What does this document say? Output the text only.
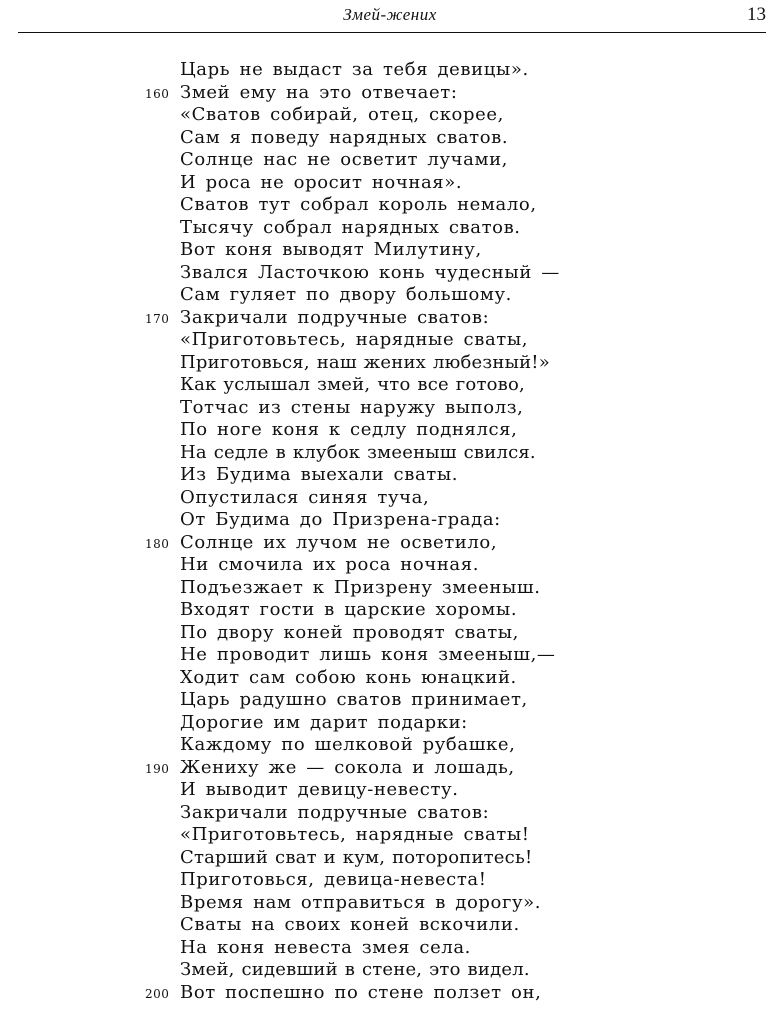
Змей-жених	13
Царь не выдаст за тебя девицы».
160 Змей ему на это отвечает:
«Сватов собирай, отец, скорее,
Сам я поведу нарядных сватов.
Солнце нас не осветит лучами,
И роса не оросит ночная».
Сватов тут собрал король немало,
Тысячу собрал нарядных сватов.
Вот коня выводят Милутину,
Звался Ласточкою конь чудесный —
Сам гуляет по двору большому.
170 Закричали подручные сватов:
«Приготовьтесь, нарядные сваты,
Приготовься, наш жених любезный!»
Как услышал змей, что все готово,
Тотчас из стены наружу выполз,
По ноге коня к седлу поднялся,
На седле в клубок змееныш свился.
Из Будима выехали сваты.
Опустилася синяя туча,
От Будима до Призрена-града:
180 Солнце их лучом не осветило,
Ни смочила их роса ночная.
Подъезжает к Призрену змееныш.
Входят гости в царские хоромы.
По двору коней проводят сваты,
Не проводит лишь коня змееныш,—
Ходит сам собою конь юнацкий.
Царь радушно сватов принимает,
Дорогие им дарит подарки:
Каждому по шелковой рубашке,
190 Жениху же — сокола и лошадь,
И выводит девицу-невесту.
Закричали подручные сватов:
«Приготовьтесь, нарядные сваты!
Старший сват и кум, поторопитесь!
Приготовься, девица-невеста!
Время нам отправиться в дорогу».
Сваты на своих коней вскочили.
На коня невеста змея села.
Змей, сидевший в стене, это видел.
200 Вот поспешно по стене ползет он,
